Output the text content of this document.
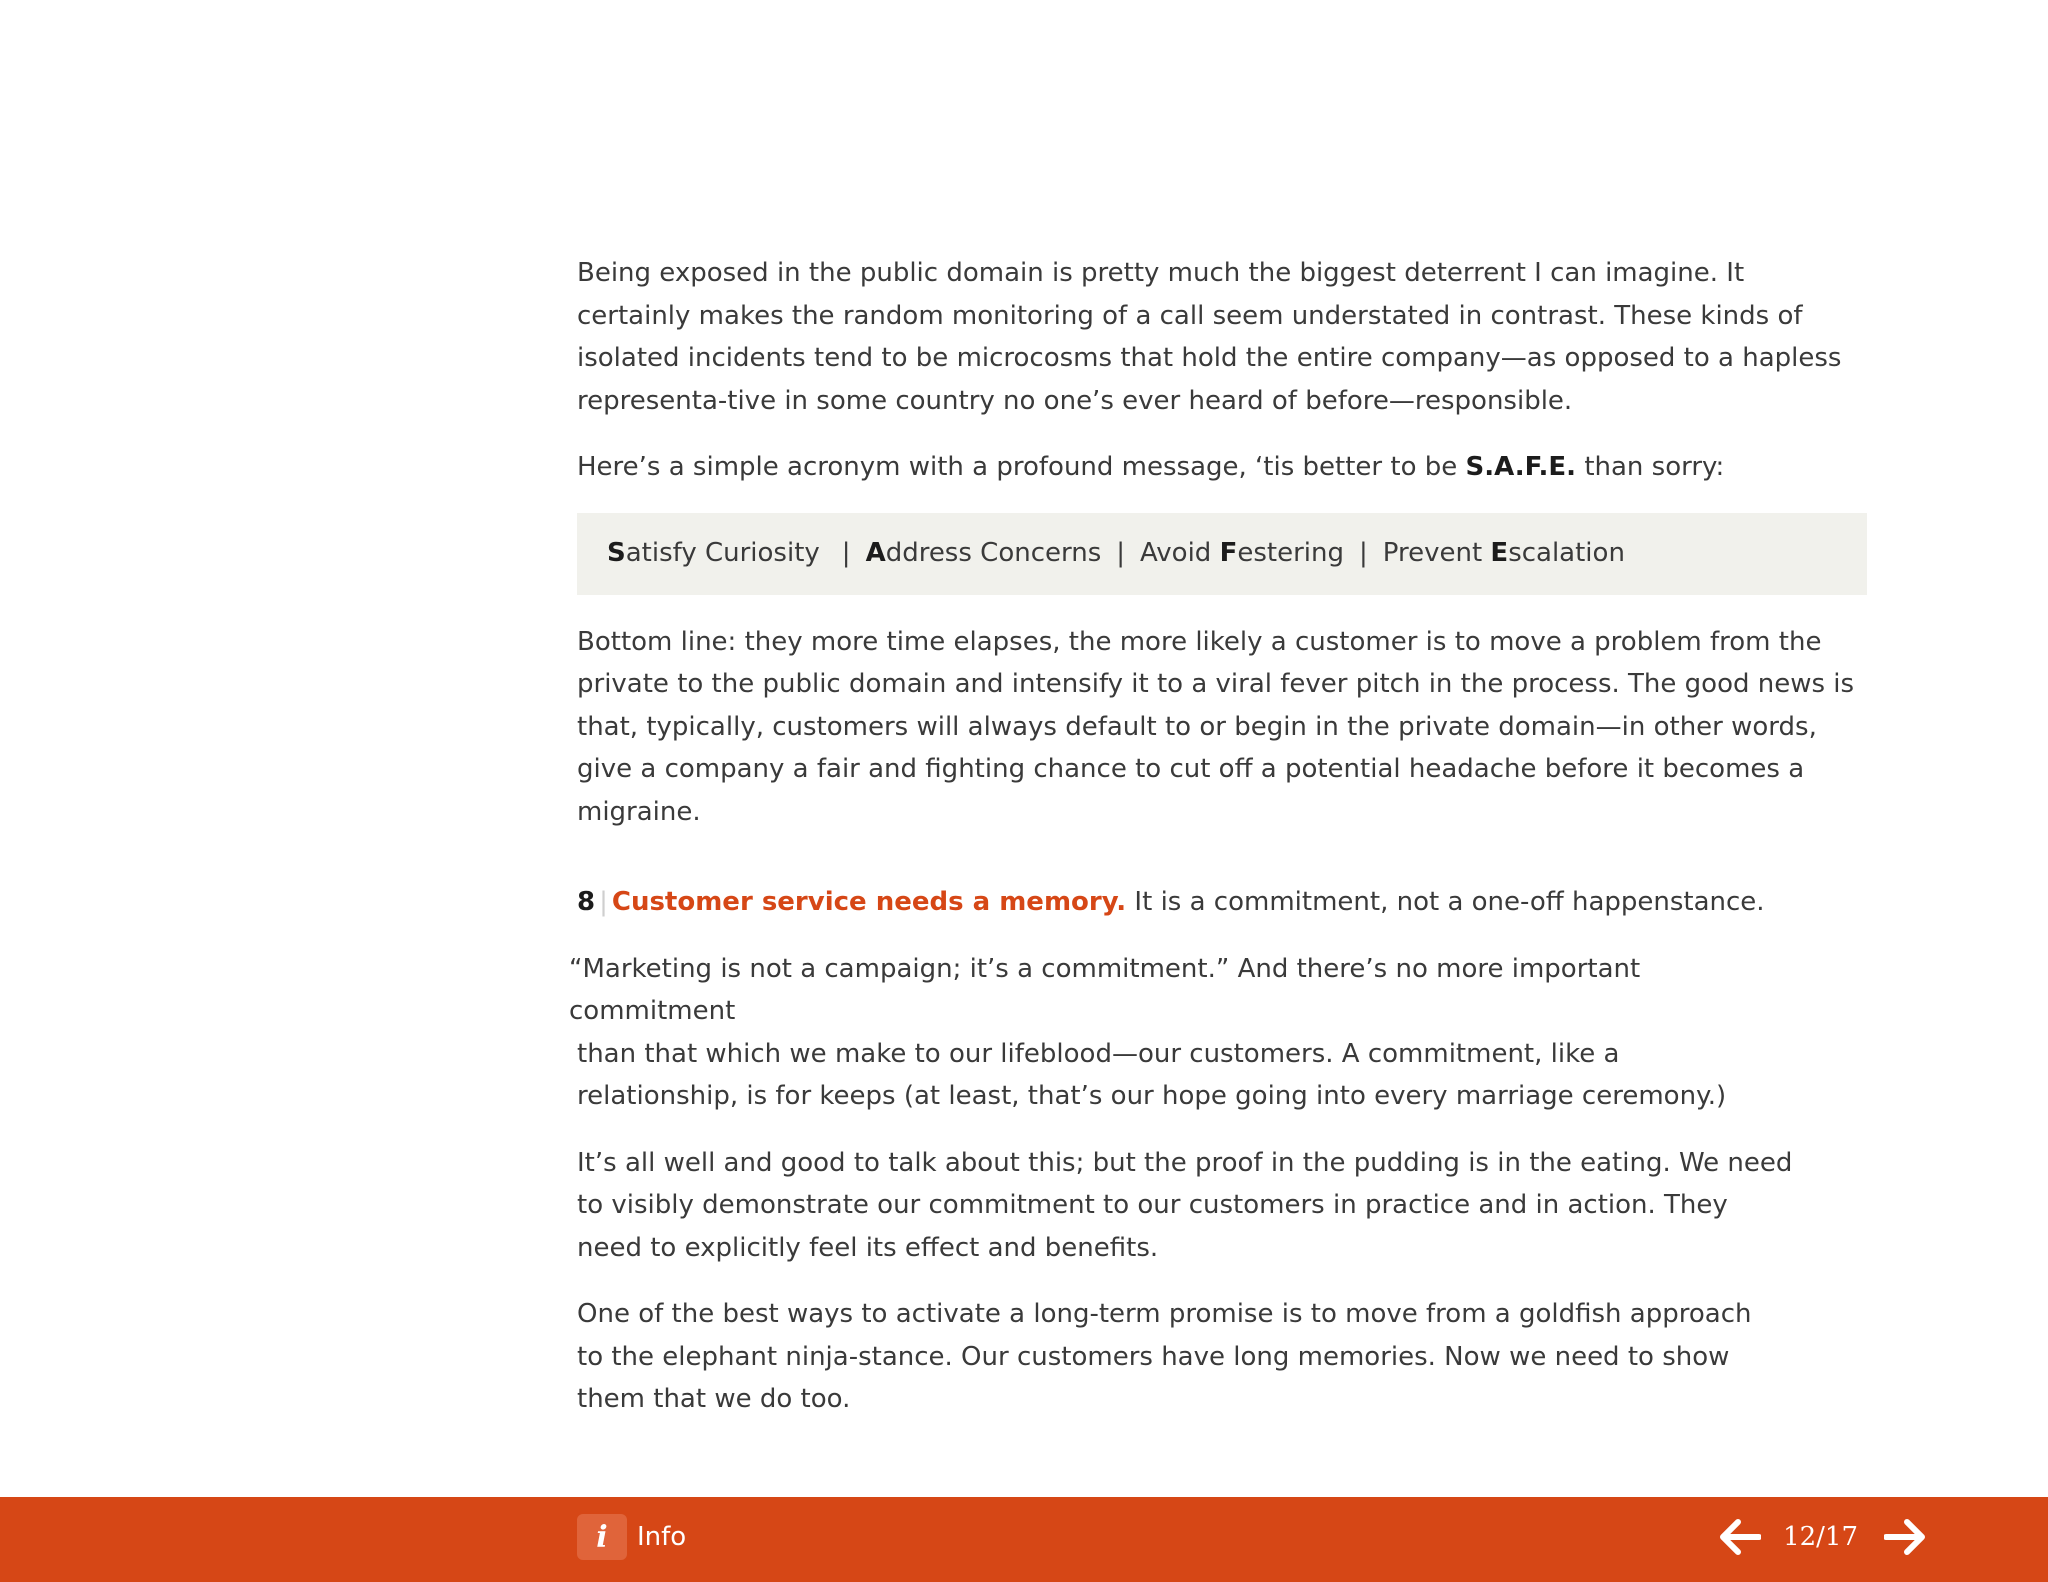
Being exposed in the public domain is pretty much the biggest deterrent I can imagine. It certainly makes the random monitoring of a call seem understated in contrast. These kinds of isolated incidents tend to be microcosms that hold the entire company—as opposed to a hapless representa-tive in some country no one’s ever heard of before—responsible.

Here’s a simple acronym with a profound message, ‘tis better to be S.A.F.E. than sorry:

Satisfy Curiosity | Address Concerns | Avoid Festering | Prevent Escalation

Bottom line: they more time elapses, the more likely a customer is to move a problem from the private to the public domain and intensify it to a viral fever pitch in the process. The good news is that, typically, customers will always default to or begin in the private domain—in other words, give a company a fair and fighting chance to cut off a potential headache before it becomes a migraine.

8 | Customer service needs a memory. It is a commitment, not a one-off happenstance.

“Marketing is not a campaign; it’s a commitment.” And there’s no more important commitment
than that which we make to our lifeblood—our customers. A commitment, like a relationship, is for keeps (at least, that’s our hope going into every marriage ceremony.)

It’s all well and good to talk about this; but the proof in the pudding is in the eating. We need to visibly demonstrate our commitment to our customers in practice and in action. They need to explicitly feel its effect and benefits.

One of the best ways to activate a long-term promise is to move from a goldfish approach to the elephant ninja-stance. Our customers have long memories. Now we need to show them that we do too.

i	Info	12/17
